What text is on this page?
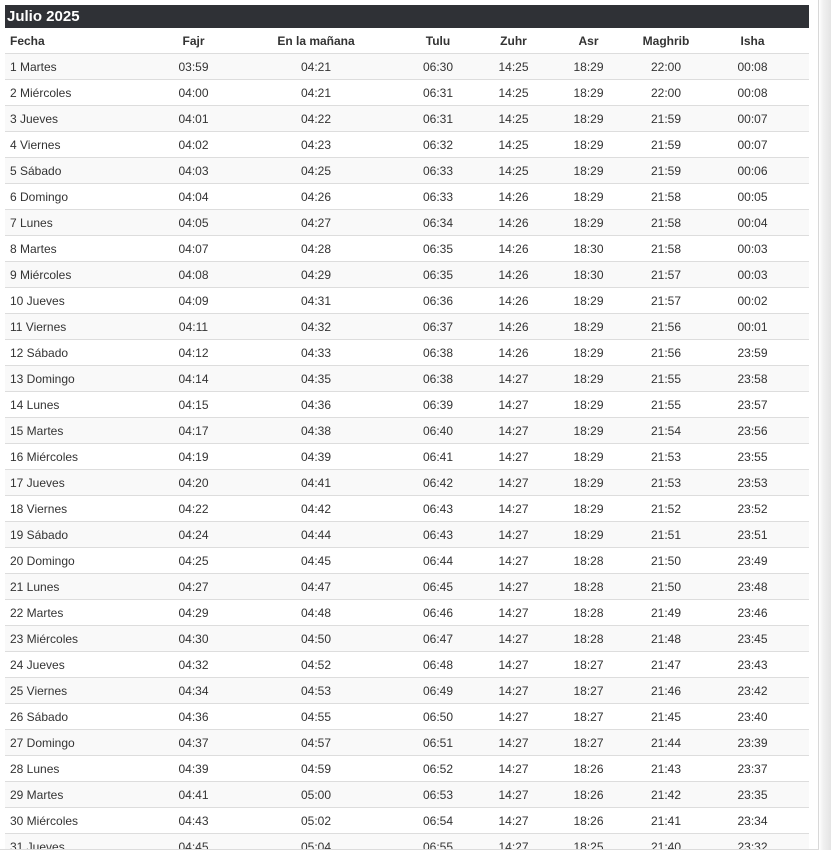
Julio 2025
Fecha	Fajr	En la mañana	Tulu	Zuhr	Asr	Maghrib	Isha
1 Martes	03:59	04:21	06:30	14:25	18:29	22:00	00:08
2 Miércoles	04:00	04:21	06:31	14:25	18:29	22:00	00:08
3 Jueves	04:01	04:22	06:31	14:25	18:29	21:59	00:07
4 Viernes	04:02	04:23	06:32	14:25	18:29	21:59	00:07
5 Sábado	04:03	04:25	06:33	14:25	18:29	21:59	00:06
6 Domingo	04:04	04:26	06:33	14:26	18:29	21:58	00:05
7 Lunes	04:05	04:27	06:34	14:26	18:29	21:58	00:04
8 Martes	04:07	04:28	06:35	14:26	18:30	21:58	00:03
9 Miércoles	04:08	04:29	06:35	14:26	18:30	21:57	00:03
10 Jueves	04:09	04:31	06:36	14:26	18:29	21:57	00:02
11 Viernes	04:11	04:32	06:37	14:26	18:29	21:56	00:01
12 Sábado	04:12	04:33	06:38	14:26	18:29	21:56	23:59
13 Domingo	04:14	04:35	06:38	14:27	18:29	21:55	23:58
14 Lunes	04:15	04:36	06:39	14:27	18:29	21:55	23:57
15 Martes	04:17	04:38	06:40	14:27	18:29	21:54	23:56
16 Miércoles	04:19	04:39	06:41	14:27	18:29	21:53	23:55
17 Jueves	04:20	04:41	06:42	14:27	18:29	21:53	23:53
18 Viernes	04:22	04:42	06:43	14:27	18:29	21:52	23:52
19 Sábado	04:24	04:44	06:43	14:27	18:29	21:51	23:51
20 Domingo	04:25	04:45	06:44	14:27	18:28	21:50	23:49
21 Lunes	04:27	04:47	06:45	14:27	18:28	21:50	23:48
22 Martes	04:29	04:48	06:46	14:27	18:28	21:49	23:46
23 Miércoles	04:30	04:50	06:47	14:27	18:28	21:48	23:45
24 Jueves	04:32	04:52	06:48	14:27	18:27	21:47	23:43
25 Viernes	04:34	04:53	06:49	14:27	18:27	21:46	23:42
26 Sábado	04:36	04:55	06:50	14:27	18:27	21:45	23:40
27 Domingo	04:37	04:57	06:51	14:27	18:27	21:44	23:39
28 Lunes	04:39	04:59	06:52	14:27	18:26	21:43	23:37
29 Martes	04:41	05:00	06:53	14:27	18:26	21:42	23:35
30 Miércoles	04:43	05:02	06:54	14:27	18:26	21:41	23:34
31 Jueves	04:45	05:04	06:55	14:27	18:25	21:40	23:32
